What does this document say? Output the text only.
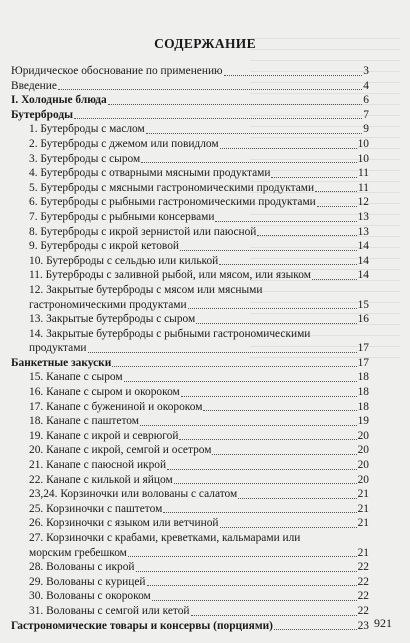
СОДЕРЖАНИЕ
Юридическое обоснование по применению	3
Введение	4
I. Холодные блюда	6
Бутерброды	7
1. Бутерброды с маслом	9
2. Бутерброды с джемом или повидлом	10
3. Бутерброды с сыром	10
4. Бутерброды с отварными мясными продуктами	11
5. Бутерброды с мясными гастрономическими продуктами	11
6. Бутерброды с рыбными гастрономическими продуктами	12
7. Бутерброды с рыбными консервами	13
8. Бутерброды с икрой зернистой или паюсной	13
9. Бутерброды с икрой кетовой	14
10. Бутерброды с сельдью или килькой	14
11. Бутерброды с заливной рыбой, или мясом, или языком	14
12. Закрытые бутерброды с мясом или мясными
гастрономическими продуктами	15
13. Закрытые бутерброды с сыром	16
14. Закрытые бутерброды с рыбными гастрономическими
продуктами	17
Банкетные закуски	17
15. Канапе с сыром	18
16. Канапе с сыром и окороком	18
17. Канапе с бужениной и окороком	18
18. Канапе с паштетом	19
19. Канапе с икрой и севрюгой	20
20. Канапе с икрой, семгой и осетром	20
21. Канапе с паюсной икрой	20
22. Канапе с килькой и яйцом	20
23,24. Корзиночки или волованы с салатом	21
25. Корзиночки с паштетом	21
26. Корзиночки с языком или ветчиной	21
27. Корзиночки с крабами, креветками, кальмарами или
морским гребешком	21
28. Волованы с икрой	22
29. Волованы с курицей	22
30. Волованы с окороком	22
31. Волованы с семгой или кетой	22
Гастрономические товары и консервы (порциями)	23 921
